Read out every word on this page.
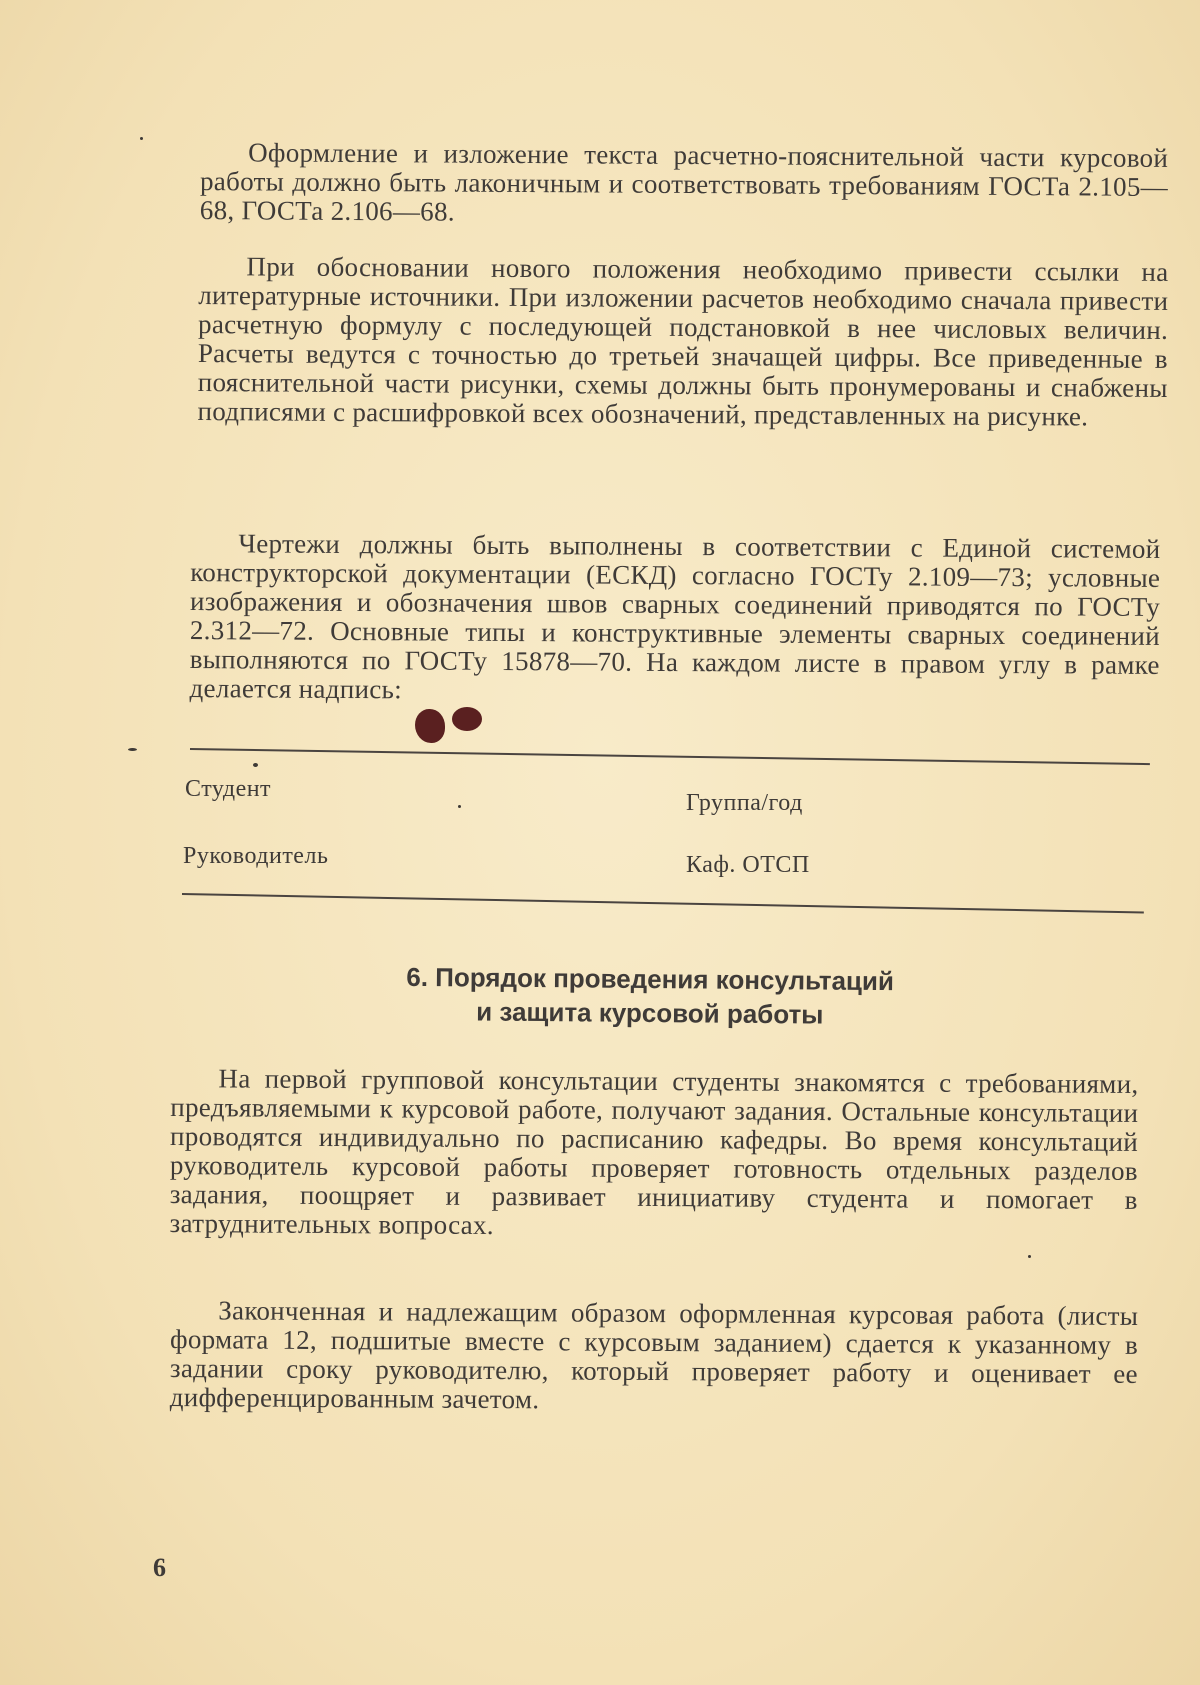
Оформление и изложение текста расчетно-пояснительной части курсовой работы должно быть лаконичным и соответствовать требованиям ГОСТа 2.105—68, ГОСТа 2.106—68.

При обосновании нового положения необходимо привести ссылки на литературные источники. При изложении расчетов необходимо сначала привести расчетную формулу с последующей подстановкой в нее числовых величин. Расчеты ведутся с точностью до третьей значащей цифры. Все приведенные в пояснительной части рисунки, схемы должны быть пронумерованы и снабжены подписями с расшифровкой всех обозначений, представленных на рисунке.

Чертежи должны быть выполнены в соответствии с Единой системой конструкторской документации (ЕСКД) согласно ГОСТу 2.109—73; условные изображения и обозначения швов сварных соединений приводятся по ГОСТу 2.312—72. Основные типы и конструктивные элементы сварных соединений выполняются по ГОСТу 15878—70. На каждом листе в правом углу в рамке делается надпись:

Студент
Группа/год
Руководитель	Каф. ОТСП
6. Порядок проведения консультаций
и защита курсовой работы

На первой групповой консультации студенты знакомятся с требованиями, предъявляемыми к курсовой работе, получают задания. Остальные консультации проводятся индивидуально по расписанию кафедры. Во время консультаций руководитель курсовой работы проверяет готовность отдельных разделов задания, поощряет и развивает инициативу студента и помогает в затруднительных вопросах.

Законченная и надлежащим образом оформленная курсовая работа (листы формата 12, подшитые вместе с курсовым заданием) сдается к указанному в задании сроку руководителю, который проверяет работу и оценивает ее дифференцированным зачетом.

6
